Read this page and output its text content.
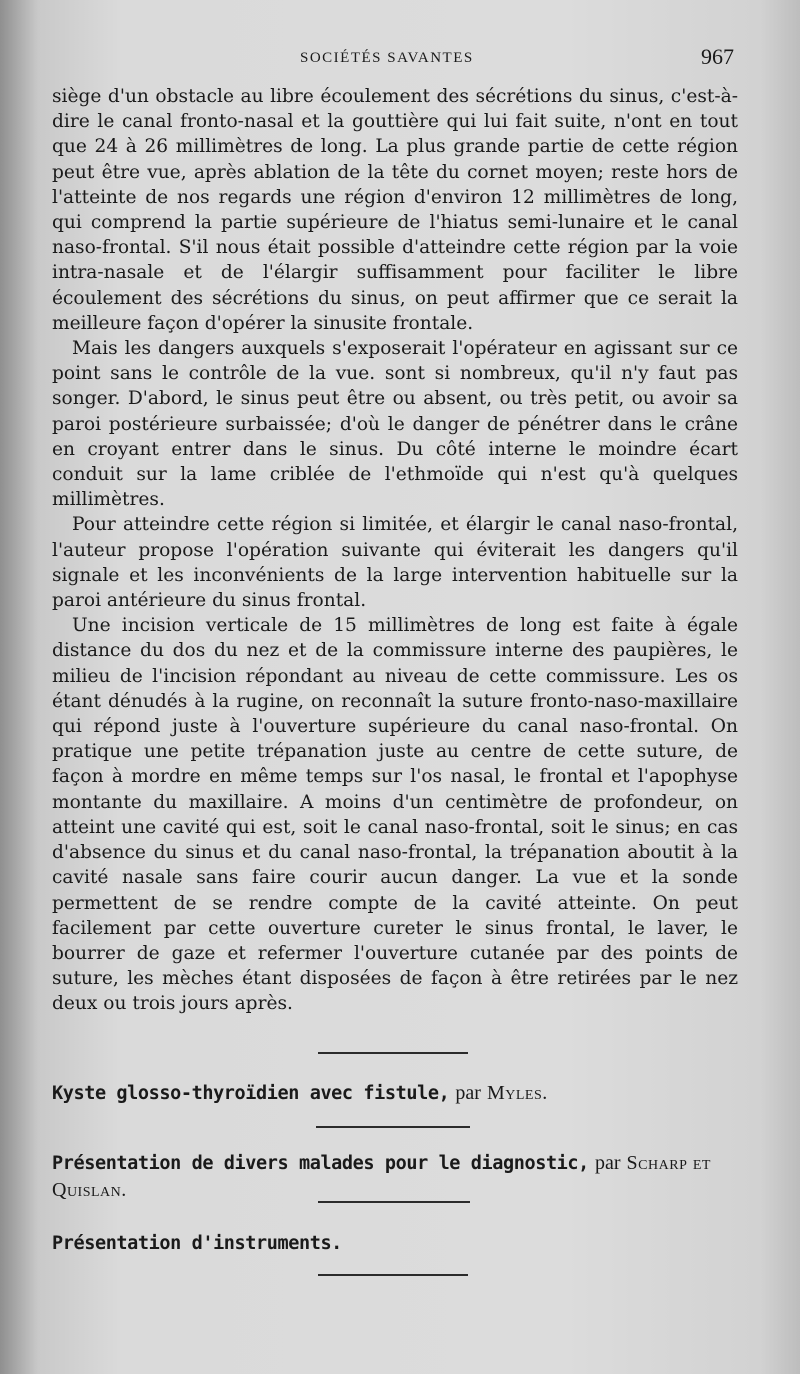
SOCIÉTÉS SAVANTES	967

siège d'un obstacle au libre écoulement des sécrétions du sinus, c'est-à-dire le canal fronto-nasal et la gouttière qui lui fait suite, n'ont en tout que 24 à 26 millimètres de long. La plus grande partie de cette région peut être vue, après ablation de la tête du cornet moyen; reste hors de l'atteinte de nos regards une région d'environ 12 millimètres de long, qui comprend la partie supérieure de l'hiatus semi-lunaire et le canal naso-frontal. S'il nous était possible d'atteindre cette région par la voie intra-nasale et de l'élargir suffisamment pour faciliter le libre écoulement des sécrétions du sinus, on peut affirmer que ce serait la meilleure façon d'opérer la sinusite frontale.

Mais les dangers auxquels s'exposerait l'opérateur en agissant sur ce point sans le contrôle de la vue. sont si nombreux, qu'il n'y faut pas songer. D'abord, le sinus peut être ou absent, ou très petit, ou avoir sa paroi postérieure surbaissée; d'où le danger de pénétrer dans le crâne en croyant entrer dans le sinus. Du côté interne le moindre écart conduit sur la lame criblée de l'ethmoïde qui n'est qu'à quelques millimètres.

Pour atteindre cette région si limitée, et élargir le canal naso-frontal, l'auteur propose l'opération suivante qui éviterait les dangers qu'il signale et les inconvénients de la large intervention habituelle sur la paroi antérieure du sinus frontal.

Une incision verticale de 15 millimètres de long est faite à égale distance du dos du nez et de la commissure interne des paupières, le milieu de l'incision répondant au niveau de cette commissure. Les os étant dénudés à la rugine, on reconnaît la suture fronto-naso-maxillaire qui répond juste à l'ouverture supérieure du canal naso-frontal. On pratique une petite trépanation juste au centre de cette suture, de façon à mordre en même temps sur l'os nasal, le frontal et l'apophyse montante du maxillaire. A moins d'un centimètre de profondeur, on atteint une cavité qui est, soit le canal naso-frontal, soit le sinus; en cas d'absence du sinus et du canal naso-frontal, la trépanation aboutit à la cavité nasale sans faire courir aucun danger. La vue et la sonde permettent de se rendre compte de la cavité atteinte. On peut facilement par cette ouverture cureter le sinus frontal, le laver, le bourrer de gaze et refermer l'ouverture cutanée par des points de suture, les mèches étant disposées de façon à être retirées par le nez deux ou trois jours après.

Kyste glosso-thyroïdien avec fistule, par Myles.
Présentation de divers malades pour le diagnostic, par Scharp et Quislan.
Présentation d'instruments.
